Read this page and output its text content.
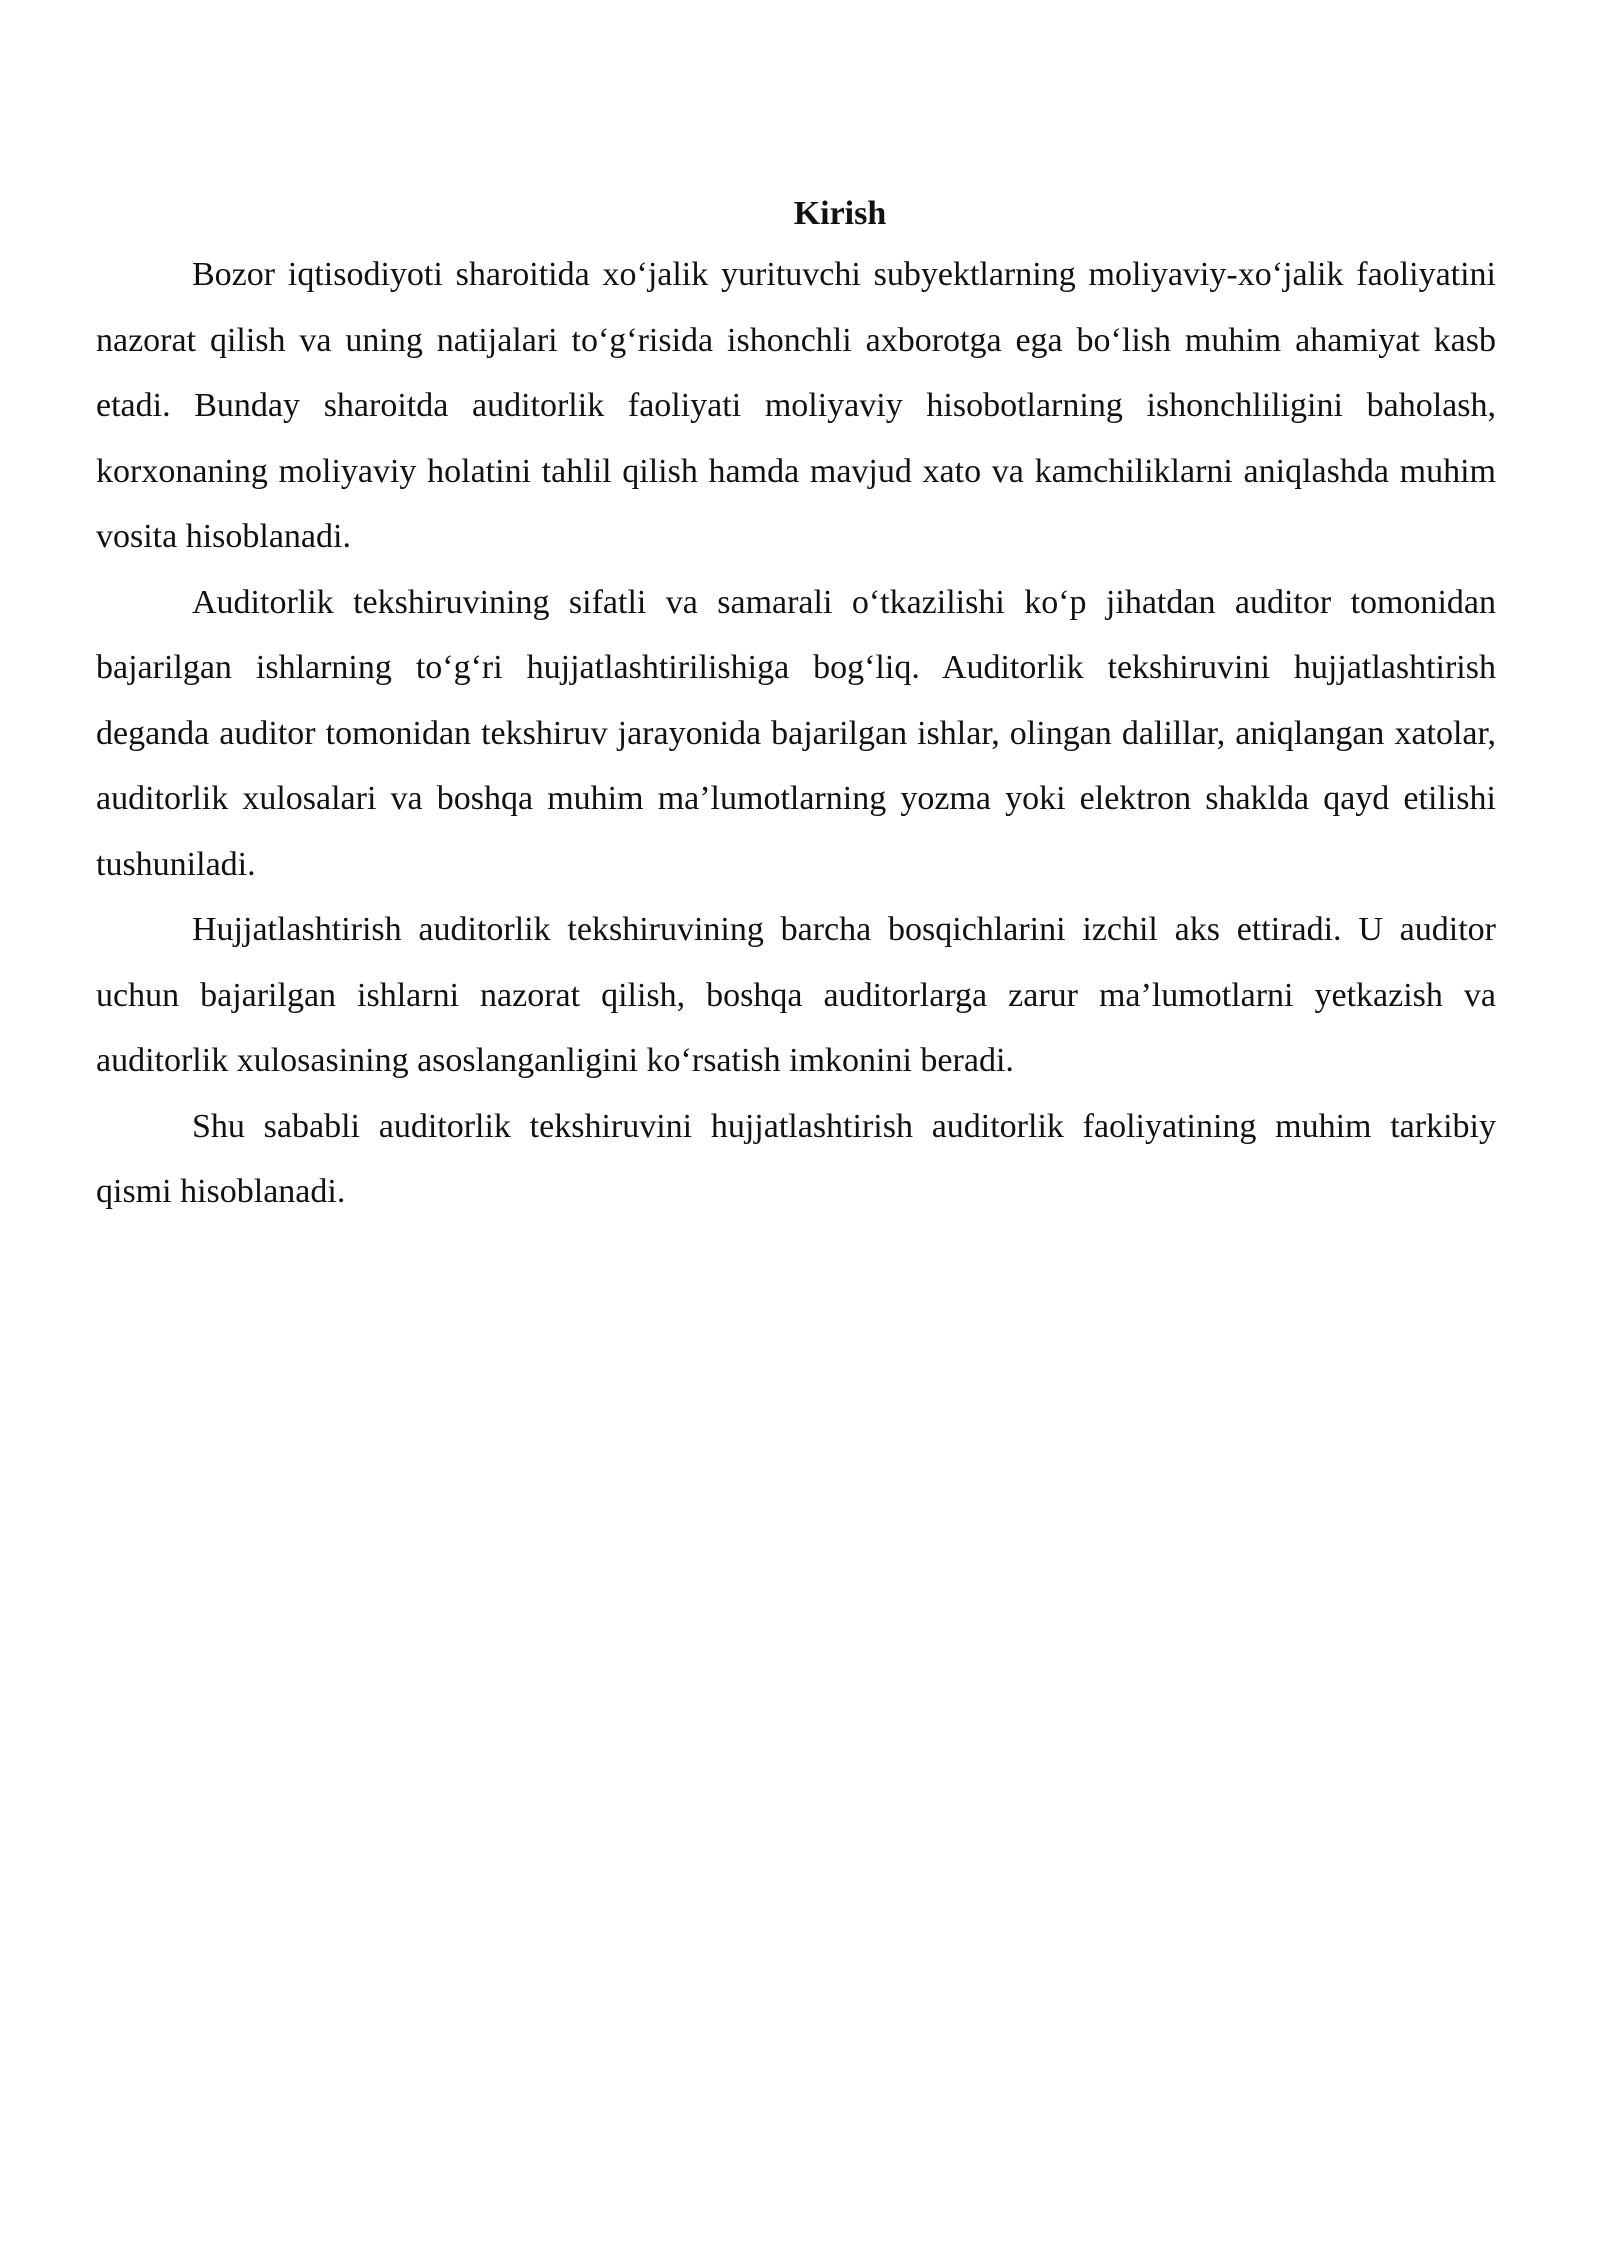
Kirish

Bozor iqtisodiyoti sharoitida xo‘jalik yurituvchi subyektlarning moliyaviy-xo‘jalik faoliyatini nazorat qilish va uning natijalari to‘g‘risida ishonchli axborotga ega bo‘lish muhim ahamiyat kasb etadi. Bunday sharoitda auditorlik faoliyati moliyaviy hisobotlarning ishonchliligini baholash, korxonaning moliyaviy holatini tahlil qilish hamda mavjud xato va kamchiliklarni aniqlashda muhim vosita hisoblanadi.

Auditorlik tekshiruvining sifatli va samarali o‘tkazilishi ko‘p jihatdan auditor tomonidan bajarilgan ishlarning to‘g‘ri hujjatlashtirilishiga bog‘liq. Auditorlik tekshiruvini hujjatlashtirish deganda auditor tomonidan tekshiruv jarayonida bajarilgan ishlar, olingan dalillar, aniqlangan xatolar, auditorlik xulosalari va boshqa muhim ma’lumotlarning yozma yoki elektron shaklda qayd etilishi tushuniladi.

Hujjatlashtirish auditorlik tekshiruvining barcha bosqichlarini izchil aks ettiradi. U auditor uchun bajarilgan ishlarni nazorat qilish, boshqa auditorlarga zarur ma’lumotlarni yetkazish va auditorlik xulosasining asoslanganligini ko‘rsatish imkonini beradi.

Shu sababli auditorlik tekshiruvini hujjatlashtirish auditorlik faoliyatining muhim tarkibiy qismi hisoblanadi.
